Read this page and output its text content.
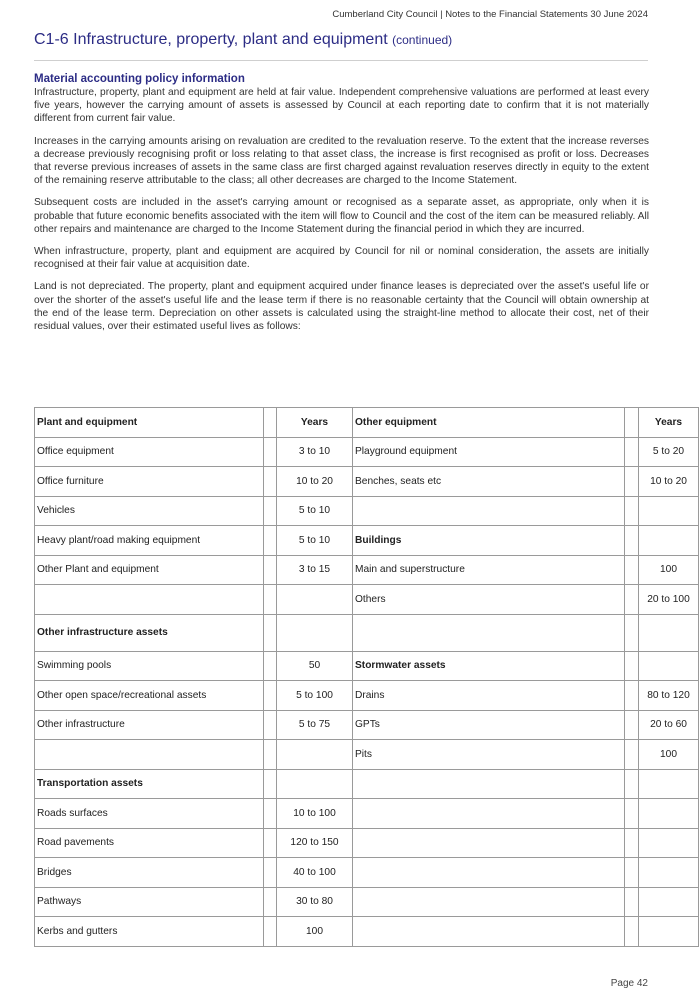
Cumberland City Council | Notes to the Financial Statements 30 June 2024
C1-6 Infrastructure, property, plant and equipment (continued)

Material accounting policy information

Infrastructure, property, plant and equipment are held at fair value. Independent comprehensive valuations are performed at least every five years, however the carrying amount of assets is assessed by Council at each reporting date to confirm that it is not materially different from current fair value.

Increases in the carrying amounts arising on revaluation are credited to the revaluation reserve. To the extent that the increase reverses a decrease previously recognising profit or loss relating to that asset class, the increase is first recognised as profit or loss. Decreases that reverse previous increases of assets in the same class are first charged against revaluation reserves directly in equity to the extent of the remaining reserve attributable to the class; all other decreases are charged to the Income Statement.

Subsequent costs are included in the asset's carrying amount or recognised as a separate asset, as appropriate, only when it is probable that future economic benefits associated with the item will flow to Council and the cost of the item can be measured reliably. All other repairs and maintenance are charged to the Income Statement during the financial period in which they are incurred.

When infrastructure, property, plant and equipment are acquired by Council for nil or nominal consideration, the assets are initially recognised at their fair value at acquisition date.

Land is not depreciated. The property, plant and equipment acquired under finance leases is depreciated over the asset's useful life or over the shorter of the asset's useful life and the lease term if there is no reasonable certainty that the Council will obtain ownership at the end of the lease term. Depreciation on other assets is calculated using the straight-line method to allocate their cost, net of their residual values, over their estimated useful lives as follows:

Plant and equipment		Years	Other equipment		Years
Office equipment		3 to 10	Playground equipment		5 to 20
Office furniture		10 to 20	Benches, seats etc		10 to 20
Vehicles		5 to 10			
Heavy plant/road making equipment		5 to 10	Buildings		
Other Plant and equipment		3 to 15	Main and superstructure		100
			Others		20 to 100
Other infrastructure assets					
Swimming pools		50	Stormwater assets		
Other open space/recreational assets		5 to 100	Drains		80 to 120
Other infrastructure		5 to 75	GPTs		20 to 60
			Pits		100
Transportation assets					
Roads surfaces		10 to 100			
Road pavements		120 to 150			
Bridges		40 to 100			
Pathways		30 to 80			
Kerbs and gutters		100			
Page 42
